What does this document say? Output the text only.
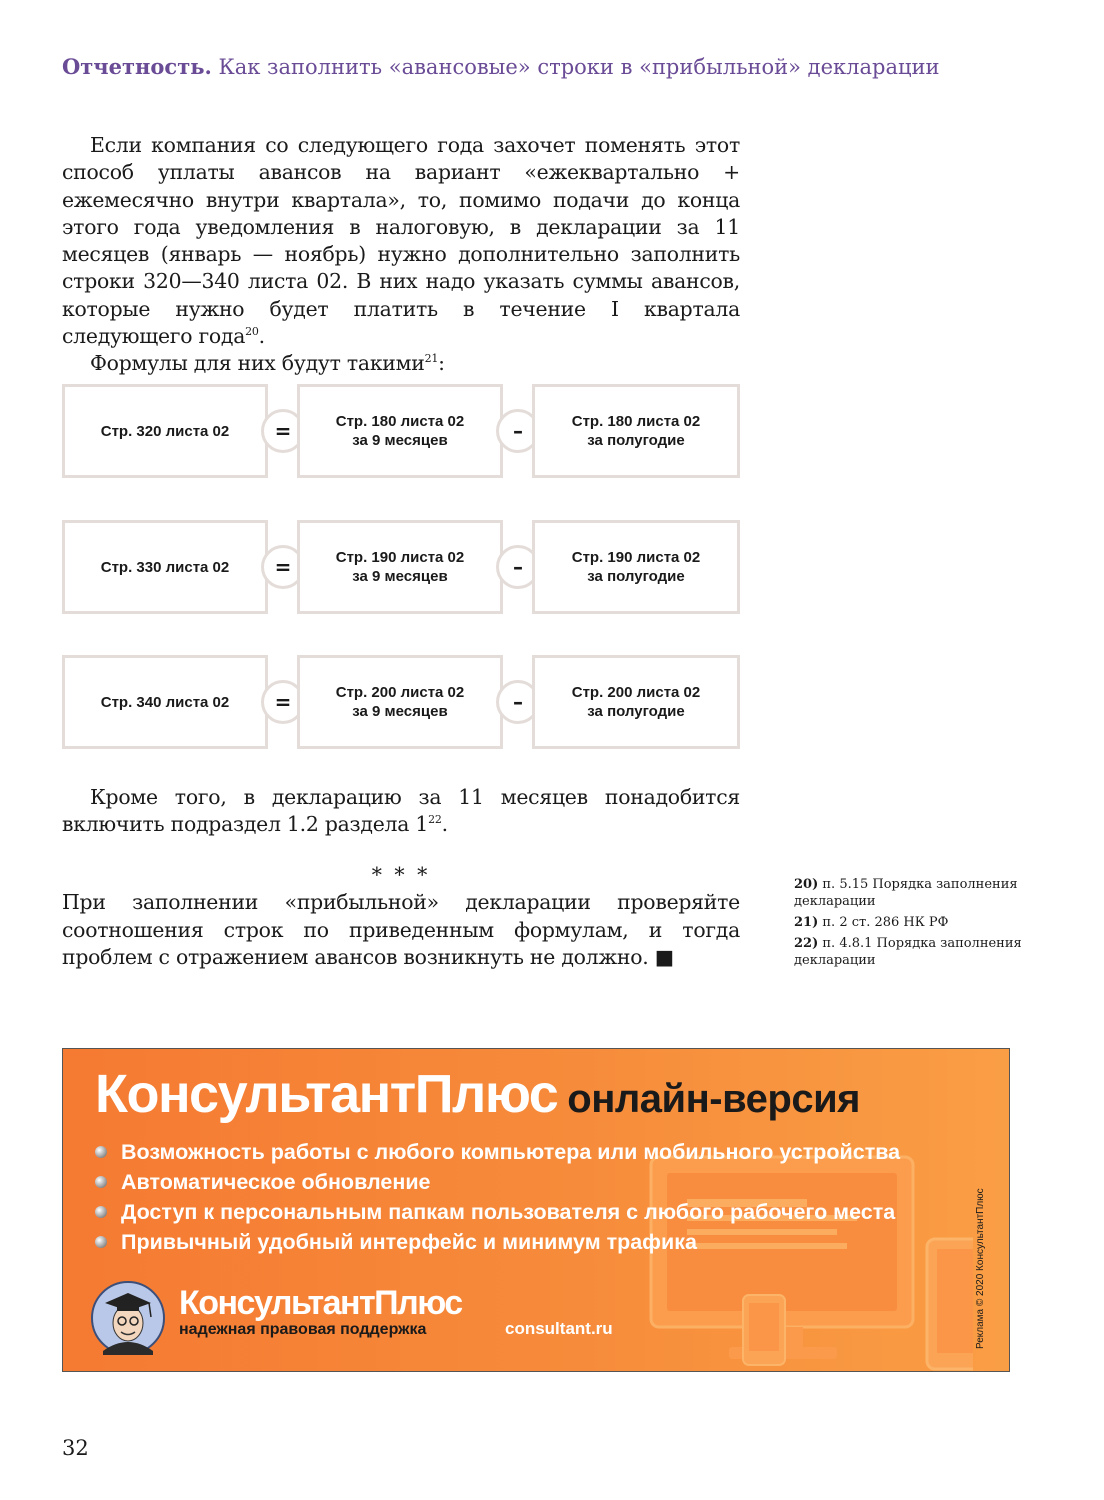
Отчетность. Как заполнить «авансовые» строки в «прибыльной» декларации

Если компания со следующего года захочет поменять этот способ уплаты авансов на вариант «ежеквартально + ежемесячно внутри квартала», то, помимо подачи до конца этого года уведомления в налоговую, в декларации за 11 месяцев (январь — ноябрь) нужно дополнительно заполнить строки 320—340 листа 02. В них надо указать суммы авансов, которые нужно будет платить в течение I квартала следующего года$^{20}$.

Формулы для них будут такими$^{21}$:

Стр. 320 листа 02	=	Стр. 180 листа 02
за 9 месяцев	–	Стр. 180 листа 02
за полугодие
Стр. 330 листа 02	=	Стр. 190 листа 02
за 9 месяцев	–	Стр. 190 листа 02
за полугодие
Стр. 340 листа 02	=	Стр. 200 листа 02
за 9 месяцев	–	Стр. 200 листа 02
за полугодие

Кроме того, в декларацию за 11 месяцев понадобится включить подраздел 1.2 раздела $1^{22}$.

* * *

При заполнении «прибыльной» декларации проверяйте соотношения строк по приведенным формулам, и тогда проблем с отражением авансов возникнуть не должно. ■

20) п. 5.15 Порядка заполнения декларации
21) п. 2 ст. 286 НК РФ
22) п. 4.8.1 Порядка заполнения декларации
КонсультантПлюс онлайн-версия
Возможность работы с любого компьютера или мобильного устройства
Автоматическое обновление
Доступ к персональным папкам пользователя с любого рабочего места
Привычный удобный интерфейс и минимум трафика
КонсультантПлюс
надежная правовая поддержка	consultant.ru	Реклама © 2020 КонсультантПлюс
32
